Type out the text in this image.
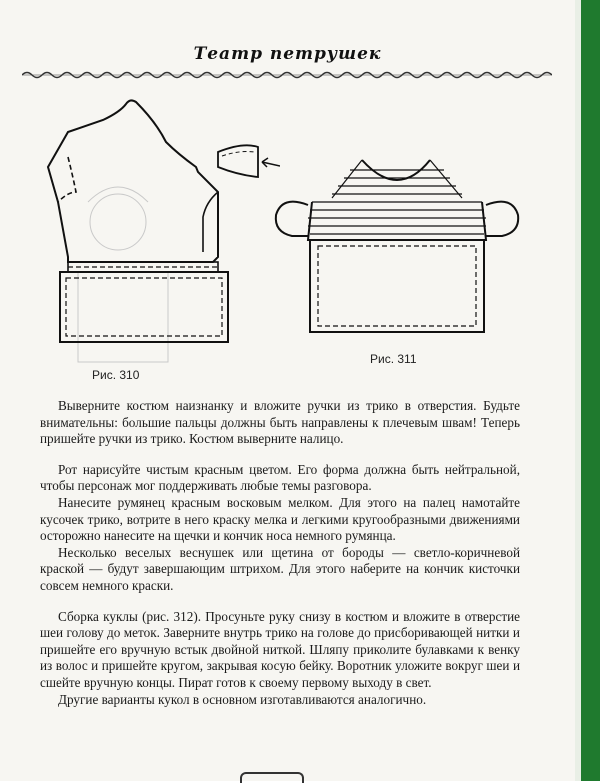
Театр петрушек
Рис. 310
Рис. 311

Выверните костюм наизнанку и вложите ручки из трико в отверстия. Будьте внимательны: большие пальцы должны быть направлены к плечевым швам! Теперь пришейте ручки из трико. Костюм выверните налицо.

Рот нарисуйте чистым красным цветом. Его форма должна быть нейтральной, чтобы персонаж мог поддерживать любые темы разговора.

Нанесите румянец красным восковым мелком. Для этого на палец намотайте кусочек трико, вотрите в него краску мелка и легкими кругообразными движениями осторожно нанесите на щечки и кончик носа немного румянца.

Несколько веселых веснушек или щетина от бороды — светло-коричневой краской — будут завершающим штрихом. Для этого наберите на кончик кисточки совсем немного краски.

Сборка куклы (рис. 312). Просуньте руку снизу в костюм и вложите в отверстие шеи голову до меток. Заверните внутрь трико на голове до присборивающей нитки и пришейте его вручную встык двойной ниткой. Шляпу приколите булавками к венку из волос и пришейте кругом, закрывая косую бейку. Воротник уложите вокруг шеи и сшейте вручную концы. Пират готов к своему первому выходу в свет.

Другие варианты кукол в основном изготавливаются аналогично.
